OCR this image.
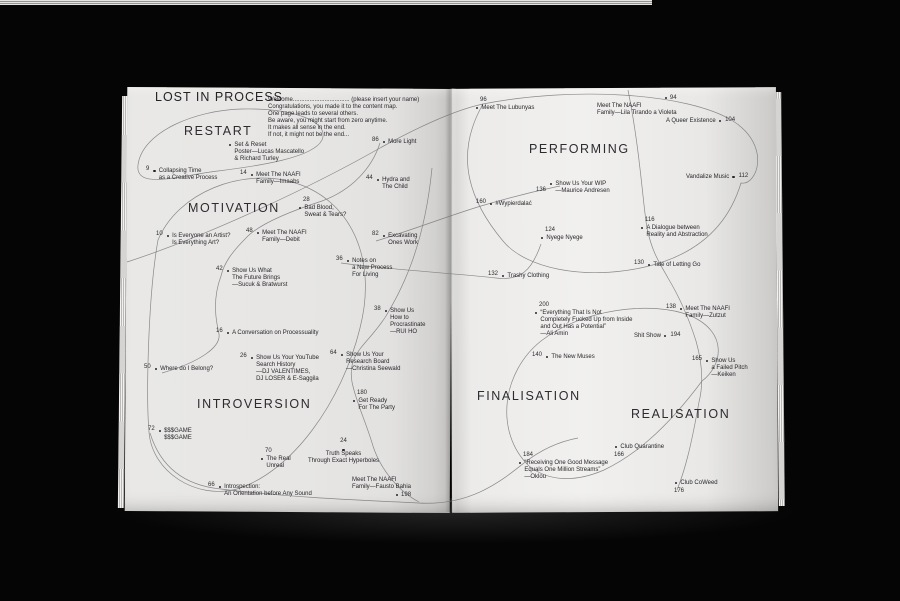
LOST IN PROCESS
Welcome.................................. (please insert your name)
Congratulations, you made it to the content map.
One page leads to several others.
Be aware, you might start from zero anytime.
It makes all sense in the end.
If not, it might not be the end...
RESTART
MOTIVATION
INTROVERSION
PERFORMING
FINALISATION
REALISATION
Set & Reset
Poster—Lucas Mascatello
& Richard Turley
9 Collapsing Time
as a Creative Process
14 Meet The NAAFI
Family—Imaabs
86 More Light
44 Hydra and
The Child
28
Bad Blood,
Sweat & Tears?
10 Is Everyone an Artist?
Is Everything Art?
48 Meet The NAAFI
Family—Debit
82 Excavating
Ones Work
36 Notes on
a New Process
For Living
42 Show Us What
The Future Brings
—Sucuk & Bratwurst
16 A Conversation on Processuality
38 Show Us
How to
Procrastinate
—RUI HO
26 Show Us Your YouTube
Search History
—DJ VALENTIMES,
DJ LOSER & E-Saggila
50 Where do I Belong?
64 Show Us Your
Research Board
—Christina Seewald
180
Get Ready
For The Party
72 $$$GAME
$$$GAME
70
The Real
Unreal
24
Truth Speaks
Through Exact Hyperboles
66 Introspection:
An Orientation before Any Sound
Meet The NAAFI
Family—Fausto Bahia
198
96
Meet The Lubunyas
94
Meet The NAAFI
Family—Lila Tirando a Violeta
A Queer Existence 104
Vandalize Music 112
136
Show Us Your WIP
—Maurice Andresen
160 #Wypierdalać
116
A Dialogue between
Reality and Abstraction
124
Nyege Nyege
130 Tale of Letting Go
132 Trashy Clothing
200
“Everything That Is Not
Completely Fucked Up from Inside
and Out Has a Potential”
—Ali Amin
138 Meet The NAAFI
Family—Zutzut
Shit Show 194
140 The New Muses	165 Show Us
a Failed Pitch
—Keiken
Club Quarantine
166
184
“Receiving One Good Message
Equals One Million Streams”
—Oklou
Club CoWeed
176
